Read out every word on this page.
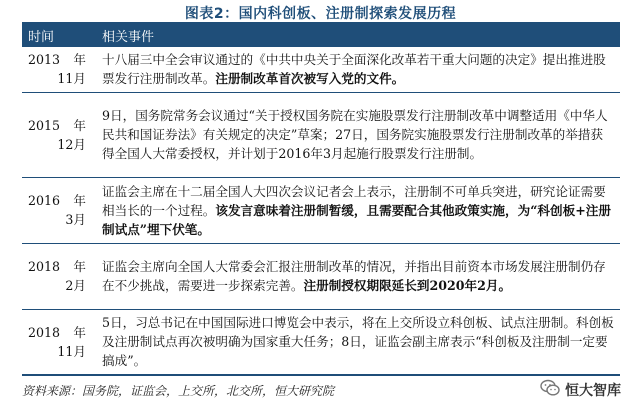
图表2：国内科创板、注册制探索发展历程
时间	相关事件

2013 年
11月	十八届三中全会审议通过的《中共中央关于全面深化改革若干重大问题的决定》提出推进股票发行注册制改革。注册制改革首次被写入党的文件。

2015 年
12月	9日，国务院常务会议通过“关于授权国务院在实施股票发行注册制改革中调整适用《中华人民共和国证券法》有关规定的决定”草案；27日，国务院实施股票发行注册制改革的举措获得全国人大常委授权，并计划于2016年3月起施行股票发行注册制。

2016 年
3月	证监会主席在十二届全国人大四次会议记者会上表示，注册制不可单兵突进，研究论证需要相当长的一个过程。该发言意味着注册制暂缓，且需要配合其他政策实施，为“科创板+注册制试点”埋下伏笔。

2018 年
2月	证监会主席向全国人大常委会汇报注册制改革的情况，并指出目前资本市场发展注册制仍存在不少挑战，需要进一步探索完善。注册制授权期限延长到2020年2月。

2018 年
11月	5日，习总书记在中国国际进口博览会中表示，将在上交所设立科创板、试点注册制。科创板及注册制试点再次被明确为国家重大任务；8日，证监会副主席表示“科创板及注册制一定要搞成”。
资料来源：国务院，证监会，上交所，北交所，恒大研究院	恒大智库
